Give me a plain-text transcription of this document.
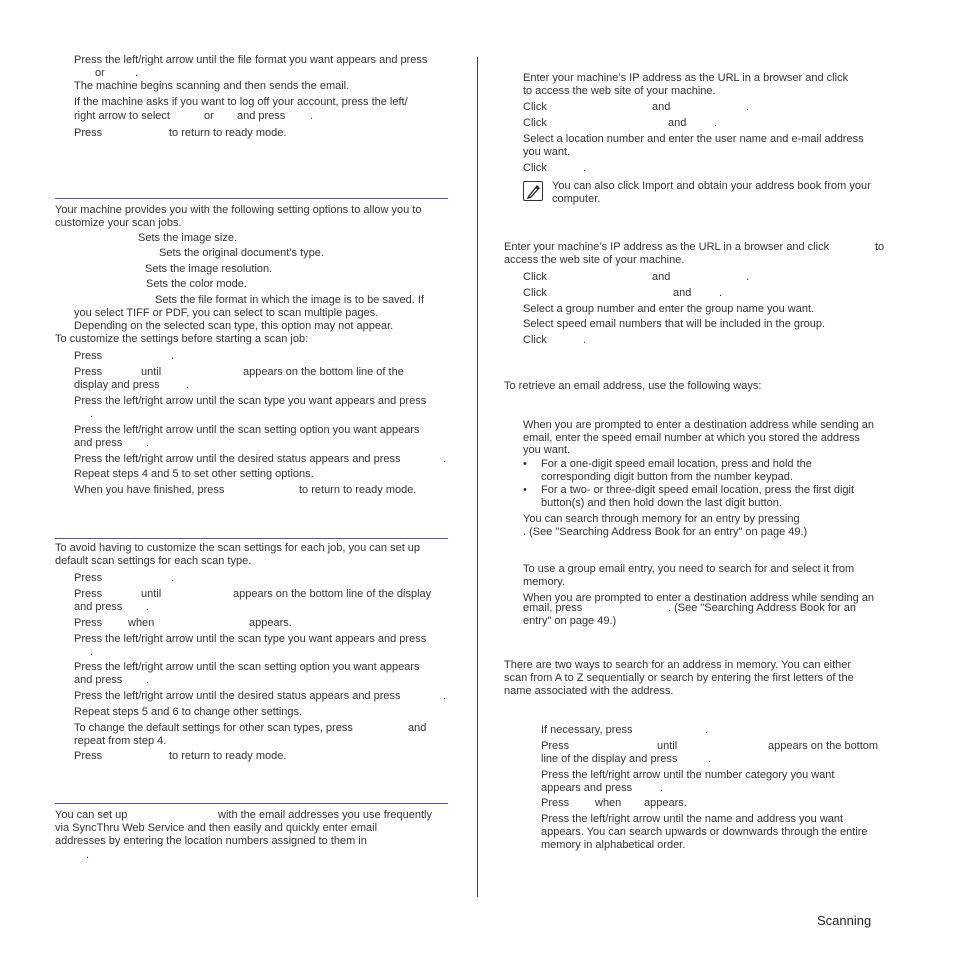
Press the left/right arrow until the file format you want appears and press
or	.
The machine begins scanning and then sends the email.
If the machine asks if you want to log off your account, press the left/
right arrow to select	or and press .
Press	to return to ready mode.
Your machine provides you with the following setting options to allow you to
customize your scan jobs.
Sets the image size.
Sets the original document’s type.
Sets the image resolution.
Sets the color mode.
Sets the file format in which the image is to be saved. If
you select TIFF or PDF, you can select to scan multiple pages.
Depending on the selected scan type, this option may not appear.
To customize the settings before starting a scan job:
Press	.
Press	until	appears on the bottom line of the
display and press .
Press the left/right arrow until the scan type you want appears and press
.
Press the left/right arrow until the scan setting option you want appears
and press .
Press the left/right arrow until the desired status appears and press	.
Repeat steps 4 and 5 to set other setting options.
When you have finished, press	to return to ready mode.
To avoid having to customize the scan settings for each job, you can set up
default scan settings for each scan type.
Press	.
Press	until	appears on the bottom line of the display
and press .
Press when	appears.
Press the left/right arrow until the scan type you want appears and press
.
Press the left/right arrow until the scan setting option you want appears
and press .
Press the left/right arrow until the desired status appears and press	.
Repeat steps 5 and 6 to change other settings.
To change the default settings for other scan types, press	and
repeat from step 4.
Press	to return to ready mode.
You can set up	with the email addresses you use frequently
via SyncThru Web Service and then easily and quickly enter email
addresses by entering the location numbers assigned to them in
.
Enter your machine’s IP address as the URL in a browser and click
to access the web site of your machine.
Click	and	.
Click	and	.
Select a location number and enter the user name and e-mail address
you want.
Click	.
You can also click Import and obtain your address book from your
computer.
Enter your machine’s IP address as the URL in a browser and click	to
access the web site of your machine.
Click	and	.
Click	and	.
Select a group number and enter the group name you want.
Select speed email numbers that will be included in the group.
Click	.
To retrieve an email address, use the following ways:
When you are prompted to enter a destination address while sending an
email, enter the speed email number at which you stored the address
you want.
• For a one-digit speed email location, press and hold the
corresponding digit button from the number keypad.
• For a two- or three-digit speed email location, press the first digit
button(s) and then hold down the last digit button.
You can search through memory for an entry by pressing
. (See "Searching Address Book for an entry" on page 49.)
To use a group email entry, you need to search for and select it from
memory.
When you are prompted to enter a destination address while sending an
email, press	. (See "Searching Address Book for an
entry" on page 49.)
There are two ways to search for an address in memory. You can either
scan from A to Z sequentially or search by entering the first letters of the
name associated with the address.
If necessary, press	.
Press	until	appears on the bottom
line of the display and press	.
Press the left/right arrow until the number category you want
appears and press	.
Press when appears.
Press the left/right arrow until the name and address you want
appears. You can search upwards or downwards through the entire
memory in alphabetical order.
Scanning
